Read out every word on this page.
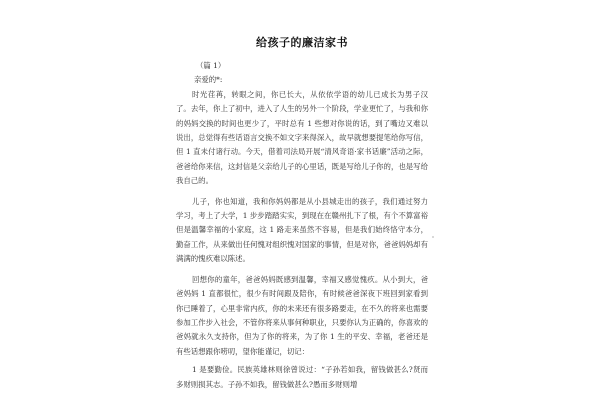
给孩子的廉洁家书

（篇 1）

亲爱的*:

时光荏苒，转眼之间，你已长大，从依依学语的幼儿已成长为男子汉了。去年，你上了初中，进入了人生的另外一个阶段，学业更忙了，与我和你的妈妈交换的时间也更少了，平时总有 1 些想对你说的话，到了嘴边又难以说出，总觉得有些话语言交换不如文字来得深入，故早就想要提笔给你写信，但 1 直未付诸行动。今天，借着司法局开展“清风奇语·家书话廉”活动之际，爸爸给你来信，这封信是父亲给儿子的心里话，既是写给儿子你的，也是写给我自己的。

儿子，你也知道，我和你妈妈都是从小县城走出的孩子，我们通过努力学习，考上了大学，1 步步踏踏实实，到现在在赣州扎下了根，有个不算富裕但是温馨幸福的小家庭，这 1 路走来虽然不容易，但是我们始终恪守本分，勤奋工作，从来做出任何愧对组织愧对国家的事情，但是对你，爸爸妈妈却有满满的愧疚难以陈述。

回想你的童年，爸爸妈妈既感到温馨，幸福又感觉愧疚。从小到大，爸爸妈妈 1 直都很忙，很少有时间跟及陪你，有时候爸爸深夜下班回到家看到你已睡着了，心里非常内疚，你的未来还有很多路要走，在不久的将来也需要参加工作步入社会，不管你将来从事何种职业，只要你认为正确的，你喜欢的爸妈就永久支持你，但为了你的将来，为了你 1 生的平安、幸福，老爸还是有些话想跟你唠叨，望你能谨记，切记：

1 是要勤俭。民族英雄林则徐曾说过：“子孙若如我，留钱做甚么?贤而多财则损其志。子孙不如我，留钱做甚么?愚而多财则增
